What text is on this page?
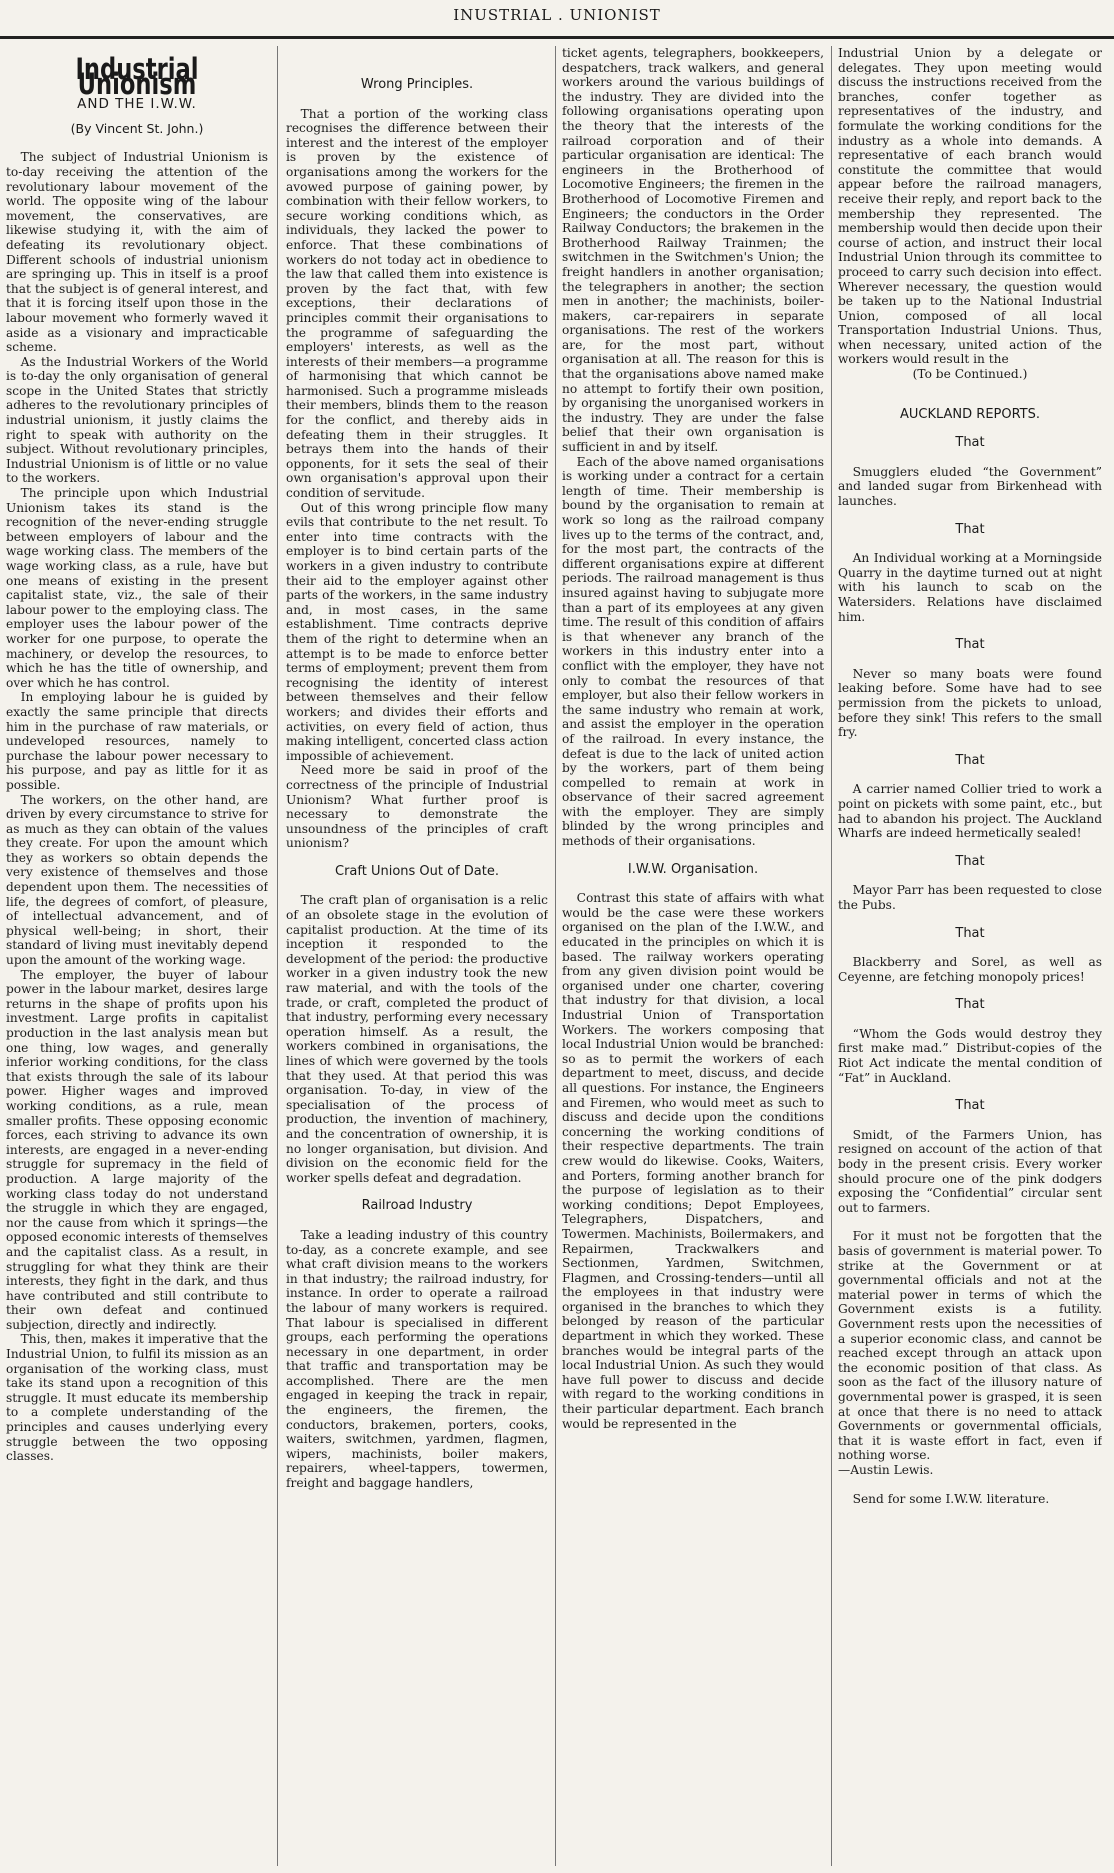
INUSTRIAL . UNIONIST
Industrial Unionism
AND THE I.W.W.
(By Vincent St. John.)

The subject of Industrial Unionism is to-day receiving the attention of the revolutionary labour movement of the world. The opposite wing of the labour movement, the conservatives, are likewise studying it, with the aim of defeating its revolutionary object. Different schools of industrial unionism are springing up. This in itself is a proof that the subject is of general interest, and that it is forcing itself upon those in the labour movement who formerly waved it aside as a visionary and impracticable scheme.

As the Industrial Workers of the World is to-day the only organisation of general scope in the United States that strictly adheres to the revolutionary principles of industrial unionism, it justly claims the right to speak with authority on the subject. Without revolutionary principles, Industrial Unionism is of little or no value to the workers.

The principle upon which Industrial Unionism takes its stand is the recognition of the never-ending struggle between employers of labour and the wage working class. The members of the wage working class, as a rule, have but one means of existing in the present capitalist state, viz., the sale of their labour power to the employing class. The employer uses the labour power of the worker for one purpose, to operate the machinery, or develop the resources, to which he has the title of ownership, and over which he has control.

In employing labour he is guided by exactly the same principle that directs him in the purchase of raw materials, or undeveloped resources, namely to purchase the labour power necessary to his purpose, and pay as little for it as possible.

The workers, on the other hand, are driven by every circumstance to strive for as much as they can obtain of the values they create. For upon the amount which they as workers so obtain depends the very existence of themselves and those dependent upon them. The necessities of life, the degrees of comfort, of pleasure, of intellectual advancement, and of physical well-being; in short, their standard of living must inevitably depend upon the amount of the working wage.

The employer, the buyer of labour power in the labour market, desires large returns in the shape of profits upon his investment. Large profits in capitalist production in the last analysis mean but one thing, low wages, and generally inferior working conditions, for the class that exists through the sale of its labour power. Higher wages and improved working conditions, as a rule, mean smaller profits. These opposing economic forces, each striving to advance its own interests, are engaged in a never-ending struggle for supremacy in the field of production. A large majority of the working class today do not understand the struggle in which they are engaged, nor the cause from which it springs—the opposed economic interests of themselves and the capitalist class. As a result, in struggling for what they think are their interests, they fight in the dark, and thus have contributed and still contribute to their own defeat and continued subjection, directly and indirectly.

This, then, makes it imperative that the Industrial Union, to fulfil its mission as an organisation of the working class, must take its stand upon a recognition of this struggle. It must educate its membership to a complete understanding of the principles and causes underlying every struggle between the two opposing classes.

Wrong Principles.

That a portion of the working class recognises the difference between their interest and the interest of the employer is proven by the existence of organisations among the workers for the avowed purpose of gaining power, by combination with their fellow workers, to secure working conditions which, as individuals, they lacked the power to enforce. That these combinations of workers do not today act in obedience to the law that called them into existence is proven by the fact that, with few exceptions, their declarations of principles commit their organisations to the programme of safeguarding the employers' interests, as well as the interests of their members—a programme of harmonising that which cannot be harmonised. Such a programme misleads their members, blinds them to the reason for the conflict, and thereby aids in defeating them in their struggles. It betrays them into the hands of their opponents, for it sets the seal of their own organisation's approval upon their condition of servitude.

Out of this wrong principle flow many evils that contribute to the net result. To enter into time contracts with the employer is to bind certain parts of the workers in a given industry to contribute their aid to the employer against other parts of the workers, in the same industry and, in most cases, in the same establishment. Time contracts deprive them of the right to determine when an attempt is to be made to enforce better terms of employment; prevent them from recognising the identity of interest between themselves and their fellow workers; and divides their efforts and activities, on every field of action, thus making intelligent, concerted class action impossible of achievement.

Need more be said in proof of the correctness of the principle of Industrial Unionism? What further proof is necessary to demonstrate the unsoundness of the principles of craft unionism?

Craft Unions Out of Date.

The craft plan of organisation is a relic of an obsolete stage in the evolution of capitalist production. At the time of its inception it responded to the development of the period: the productive worker in a given industry took the new raw material, and with the tools of the trade, or craft, completed the product of that industry, performing every necessary operation himself. As a result, the workers combined in organisations, the lines of which were governed by the tools that they used. At that period this was organisation. To-day, in view of the specialisation of the process of production, the invention of machinery, and the concentration of ownership, it is no longer organisation, but division. And division on the economic field for the worker spells defeat and degradation.

Railroad Industry

Take a leading industry of this country to-day, as a concrete example, and see what craft division means to the workers in that industry; the railroad industry, for instance. In order to operate a railroad the labour of many workers is required. That labour is specialised in different groups, each performing the operations necessary in one department, in order that traffic and transportation may be accomplished. There are the men engaged in keeping the track in repair, the engineers, the firemen, the conductors, brakemen, porters, cooks, waiters, switchmen, yardmen, flagmen, wipers, machinists, boiler makers, repairers, wheel-tappers, towermen, freight and baggage handlers,

ticket agents, telegraphers, bookkeepers, despatchers, track walkers, and general workers around the various buildings of the industry. They are divided into the following organisations operating upon the theory that the interests of the railroad corporation and of their particular organisation are identical: The engineers in the Brotherhood of Locomotive Engineers; the firemen in the Brotherhood of Locomotive Firemen and Engineers; the conductors in the Order Railway Conductors; the brakemen in the Brotherhood Railway Trainmen; the switchmen in the Switchmen's Union; the freight handlers in another organisation; the telegraphers in another; the section men in another; the machinists, boiler-makers, car-repairers in separate organisations. The rest of the workers are, for the most part, without organisation at all. The reason for this is that the organisations above named make no attempt to fortify their own position, by organising the unorganised workers in the industry. They are under the false belief that their own organisation is sufficient in and by itself.

Each of the above named organisations is working under a contract for a certain length of time. Their membership is bound by the organisation to remain at work so long as the railroad company lives up to the terms of the contract, and, for the most part, the contracts of the different organisations expire at different periods. The railroad management is thus insured against having to subjugate more than a part of its employees at any given time. The result of this condition of affairs is that whenever any branch of the workers in this industry enter into a conflict with the employer, they have not only to combat the resources of that employer, but also their fellow workers in the same industry who remain at work, and assist the employer in the operation of the railroad. In every instance, the defeat is due to the lack of united action by the workers, part of them being compelled to remain at work in observance of their sacred agreement with the employer. They are simply blinded by the wrong principles and methods of their organisations.

I.W.W. Organisation.

Contrast this state of affairs with what would be the case were these workers organised on the plan of the I.W.W., and educated in the principles on which it is based. The railway workers operating from any given division point would be organised under one charter, covering that industry for that division, a local Industrial Union of Transportation Workers. The workers composing that local Industrial Union would be branched: so as to permit the workers of each department to meet, discuss, and decide all questions. For instance, the Engineers and Firemen, who would meet as such to discuss and decide upon the conditions concerning the working conditions of their respective departments. The train crew would do likewise. Cooks, Waiters, and Porters, forming another branch for the purpose of legislation as to their working conditions; Depot Employees, Telegraphers, Dispatchers, and Towermen. Machinists, Boilermakers, and Repairmen, Trackwalkers and Sectionmen, Yardmen, Switchmen, Flagmen, and Crossing-tenders—until all the employees in that industry were organised in the branches to which they belonged by reason of the particular department in which they worked. These branches would be integral parts of the local Industrial Union. As such they would have full power to discuss and decide with regard to the working conditions in their particular department. Each branch would be represented in the

Industrial Union by a delegate or delegates. They upon meeting would discuss the instructions received from the branches, confer together as representatives of the industry, and formulate the working conditions for the industry as a whole into demands. A representative of each branch would constitute the committee that would appear before the railroad managers, receive their reply, and report back to the membership they represented. The membership would then decide upon their course of action, and instruct their local Industrial Union through its committee to proceed to carry such decision into effect. Wherever necessary, the question would be taken up to the National Industrial Union, composed of all local Transportation Industrial Unions. Thus, when necessary, united action of the workers would result in the

(To be Continued.)

AUCKLAND REPORTS.
That

Smugglers eluded “the Government” and landed sugar from Birkenhead with launches.

That

An Individual working at a Morningside Quarry in the daytime turned out at night with his launch to scab on the Watersiders. Relations have disclaimed him.

That

Never so many boats were found leaking before. Some have had to see permission from the pickets to unload, before they sink! This refers to the small fry.

That

A carrier named Collier tried to work a point on pickets with some paint, etc., but had to abandon his project. The Auckland Wharfs are indeed hermetically sealed!

That

Mayor Parr has been requested to close the Pubs.

That

Blackberry and Sorel, as well as Ceyenne, are fetching monopoly prices!

That

“Whom the Gods would destroy they first make mad.” Distribut-copies of the Riot Act indicate the mental condition of “Fat” in Auckland.

That

Smidt, of the Farmers Union, has resigned on account of the action of that body in the present crisis. Every worker should procure one of the pink dodgers exposing the “Confidential” circular sent out to farmers.

For it must not be forgotten that the basis of government is material power. To strike at the Government or at governmental officials and not at the material power in terms of which the Government exists is a futility. Government rests upon the necessities of a superior economic class, and cannot be reached except through an attack upon the economic position of that class. As soon as the fact of the illusory nature of governmental power is grasped, it is seen at once that there is no need to attack Governments or governmental officials, that it is waste effort in fact, even if nothing worse.

—Austin Lewis.

Send for some I.W.W. literature.
